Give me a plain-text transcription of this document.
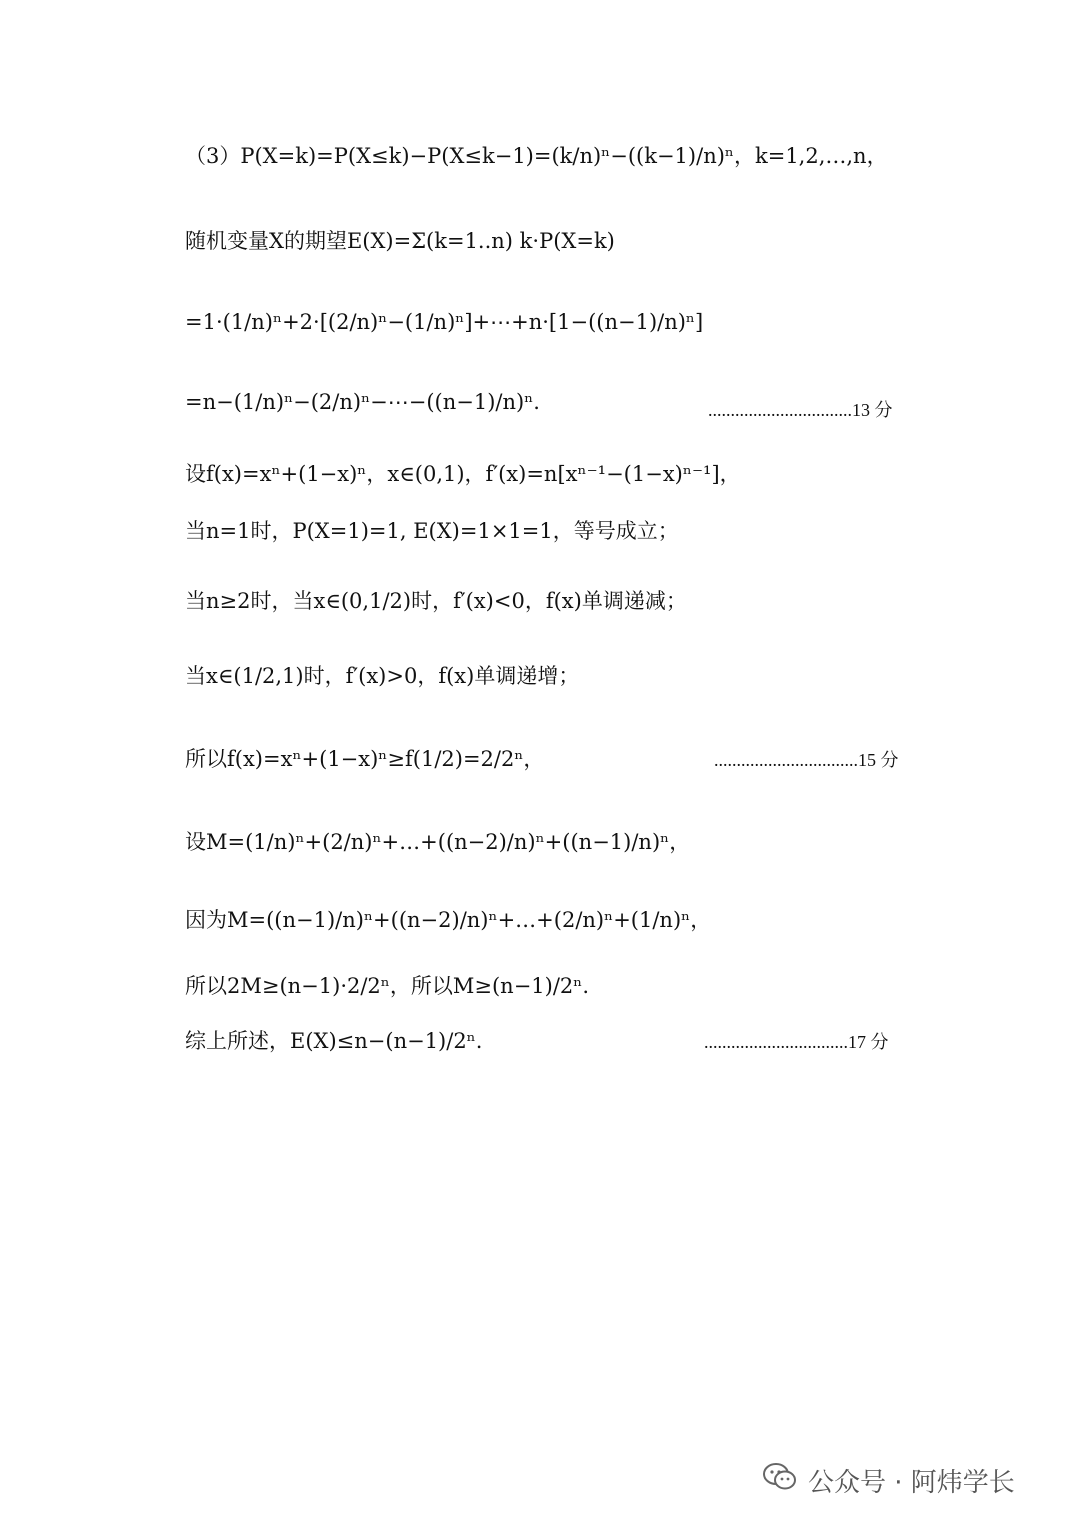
（3）P(X=k)=P(X≤k)−P(X≤k−1)=(k/n)ⁿ−((k−1)/n)ⁿ，k=1,2,…,n，
随机变量X的期望E(X)=Σ(k=1..n) k·P(X=k)
=1·(1/n)ⁿ+2·[(2/n)ⁿ−(1/n)ⁿ]+⋯+n·[1−((n−1)/n)ⁿ]
=n−(1/n)ⁿ−(2/n)ⁿ−⋯−((n−1)/n)ⁿ.	................................13 分
设f(x)=xⁿ+(1−x)ⁿ，x∈(0,1)，f′(x)=n[xⁿ⁻¹−(1−x)ⁿ⁻¹]，
当n=1时，P(X=1)=1, E(X)=1×1=1，等号成立；
当n≥2时，当x∈(0,1/2)时，f′(x)<0，f(x)单调递减；
当x∈(1/2,1)时，f′(x)>0，f(x)单调递增；
所以f(x)=xⁿ+(1−x)ⁿ≥f(1/2)=2/2ⁿ，	................................15 分
设M=(1/n)ⁿ+(2/n)ⁿ+…+((n−2)/n)ⁿ+((n−1)/n)ⁿ，
因为M=((n−1)/n)ⁿ+((n−2)/n)ⁿ+…+(2/n)ⁿ+(1/n)ⁿ，
所以2M≥(n−1)·2/2ⁿ，所以M≥(n−1)/2ⁿ.
综上所述，E(X)≤n−(n−1)/2ⁿ.	................................17 分
公众号 · 阿炜学长
